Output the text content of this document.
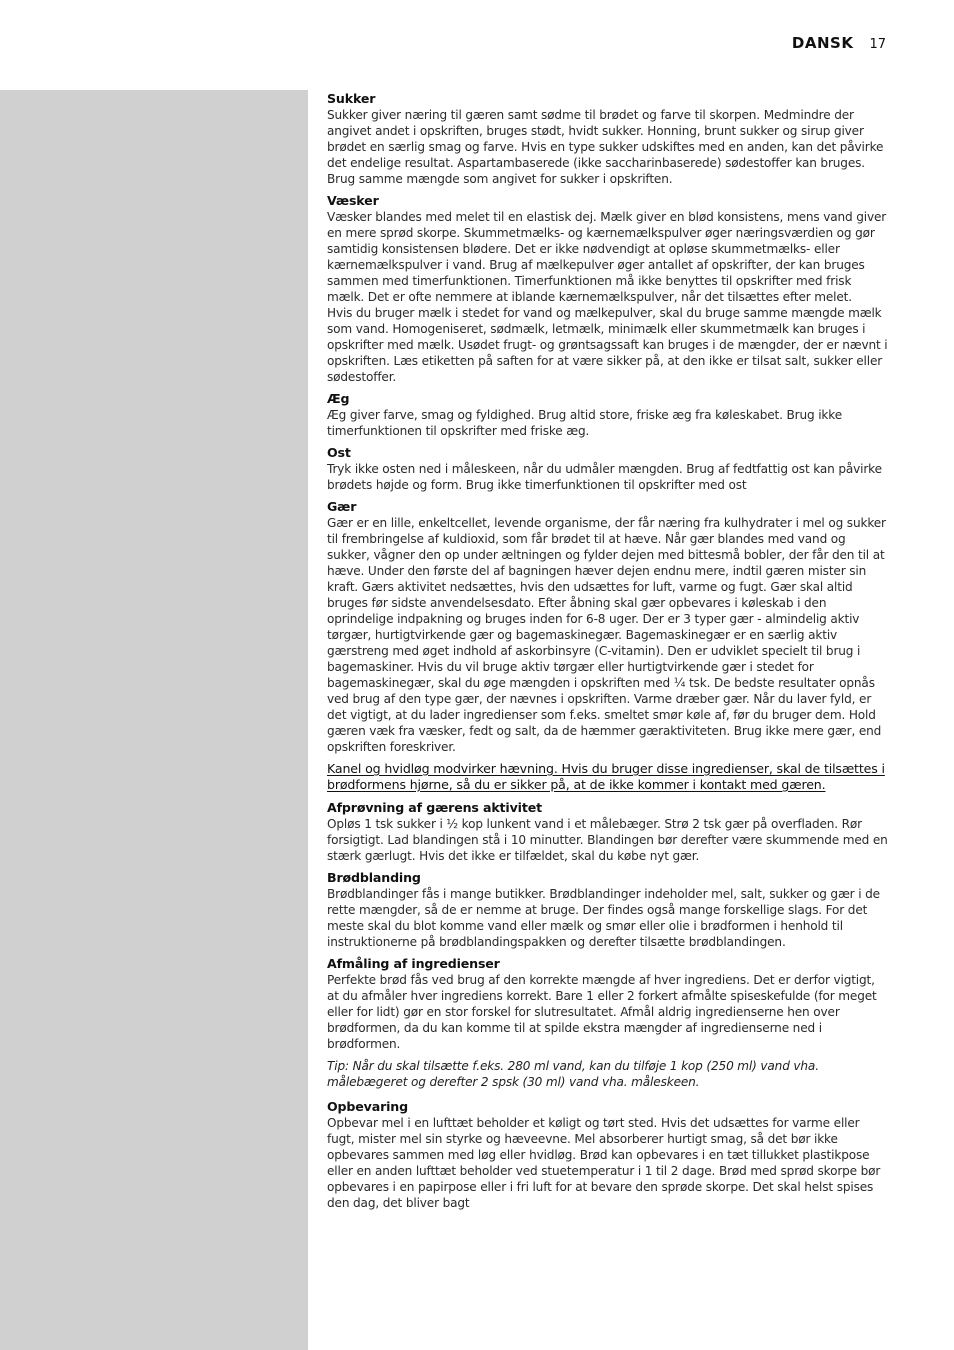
DANSK 17
Sukker

Sukker giver næring til gæren samt sødme til brødet og farve til skorpen. Medmindre der angivet andet i opskriften, bruges stødt, hvidt sukker. Honning, brunt sukker og sirup giver brødet en særlig smag og farve. Hvis en type sukker udskiftes med en anden, kan det påvirke det endelige resultat. Aspartambaserede (ikke saccharinbaserede) sødestoffer kan bruges. Brug samme mængde som angivet for sukker i opskriften.

Væsker

Væsker blandes med melet til en elastisk dej. Mælk giver en blød konsistens, mens vand giver en mere sprød skorpe. Skummetmælks- og kærnemælkspulver øger næringsværdien og gør samtidig konsistensen blødere. Det er ikke nødvendigt at opløse skummetmælks- eller kærnemælkspulver i vand. Brug af mælkepulver øger antallet af opskrifter, der kan bruges sammen med timerfunktionen. Timerfunktionen må ikke benyttes til opskrifter med frisk mælk. Det er ofte nemmere at iblande kærnemælkspulver, når det tilsættes efter melet.

Hvis du bruger mælk i stedet for vand og mælkepulver, skal du bruge samme mængde mælk som vand. Homogeniseret, sødmælk, letmælk, minimælk eller skummetmælk kan bruges i opskrifter med mælk. Usødet frugt- og grøntsagssaft kan bruges i de mængder, der er nævnt i opskriften. Læs etiketten på saften for at være sikker på, at den ikke er tilsat salt, sukker eller sødestoffer.

Æg

Æg giver farve, smag og fyldighed. Brug altid store, friske æg fra køleskabet. Brug ikke timerfunktionen til opskrifter med friske æg.

Ost

Tryk ikke osten ned i måleskeen, når du udmåler mængden. Brug af fedtfattig ost kan påvirke brødets højde og form. Brug ikke timerfunktionen til opskrifter med ost

Gær

Gær er en lille, enkeltcellet, levende organisme, der får næring fra kulhydrater i mel og sukker til frembringelse af kuldioxid, som får brødet til at hæve. Når gær blandes med vand og sukker, vågner den op under æltningen og fylder dejen med bittesmå bobler, der får den til at hæve. Under den første del af bagningen hæver dejen endnu mere, indtil gæren mister sin kraft. Gærs aktivitet nedsættes, hvis den udsættes for luft, varme og fugt. Gær skal altid bruges før sidste anvendelsesdato. Efter åbning skal gær opbevares i køleskab i den oprindelige indpakning og bruges inden for 6-8 uger. Der er 3 typer gær - almindelig aktiv tørgær, hurtigtvirkende gær og bagemaskinegær. Bagemaskinegær er en særlig aktiv gærstreng med øget indhold af askorbinsyre (C-vitamin). Den er udviklet specielt til brug i bagemaskiner. Hvis du vil bruge aktiv tørgær eller hurtigtvirkende gær i stedet for bagemaskinegær, skal du øge mængden i opskriften med ¼ tsk. De bedste resultater opnås ved brug af den type gær, der nævnes i opskriften. Varme dræber gær. Når du laver fyld, er det vigtigt, at du lader ingredienser som f.eks. smeltet smør køle af, før du bruger dem. Hold gæren væk fra væsker, fedt og salt, da de hæmmer gæraktiviteten. Brug ikke mere gær, end opskriften foreskriver.

Kanel og hvidløg modvirker hævning. Hvis du bruger disse ingredienser, skal de tilsættes i brødformens hjørne, så du er sikker på, at de ikke kommer i kontakt med gæren.
Afprøvning af gærens aktivitet

Opløs 1 tsk sukker i ½ kop lunkent vand i et målebæger. Strø 2 tsk gær på overfladen. Rør forsigtigt. Lad blandingen stå i 10 minutter. Blandingen bør derefter være skummende med en stærk gærlugt. Hvis det ikke er tilfældet, skal du købe nyt gær.

Brødblanding

Brødblandinger fås i mange butikker. Brødblandinger indeholder mel, salt, sukker og gær i de rette mængder, så de er nemme at bruge. Der findes også mange forskellige slags. For det meste skal du blot komme vand eller mælk og smør eller olie i brødformen i henhold til instruktionerne på brødblandingspakken og derefter tilsætte brødblandingen.

Afmåling af ingredienser

Perfekte brød fås ved brug af den korrekte mængde af hver ingrediens. Det er derfor vigtigt, at du afmåler hver ingrediens korrekt. Bare 1 eller 2 forkert afmålte spiseskefulde (for meget eller for lidt) gør en stor forskel for slutresultatet. Afmål aldrig ingredienserne hen over brødformen, da du kan komme til at spilde ekstra mængder af ingredienserne ned i brødformen.

Tip: Når du skal tilsætte f.eks. 280 ml vand, kan du tilføje 1 kop (250 ml) vand vha. målebægeret og derefter 2 spsk (30 ml) vand vha. måleskeen.

Opbevaring

Opbevar mel i en lufttæt beholder et køligt og tørt sted. Hvis det udsættes for varme eller fugt, mister mel sin styrke og hæveevne. Mel absorberer hurtigt smag, så det bør ikke opbevares sammen med løg eller hvidløg. Brød kan opbevares i en tæt tillukket plastikpose eller en anden lufttæt beholder ved stuetemperatur i 1 til 2 dage. Brød med sprød skorpe bør opbevares i en papirpose eller i fri luft for at bevare den sprøde skorpe. Det skal helst spises den dag, det bliver bagt
